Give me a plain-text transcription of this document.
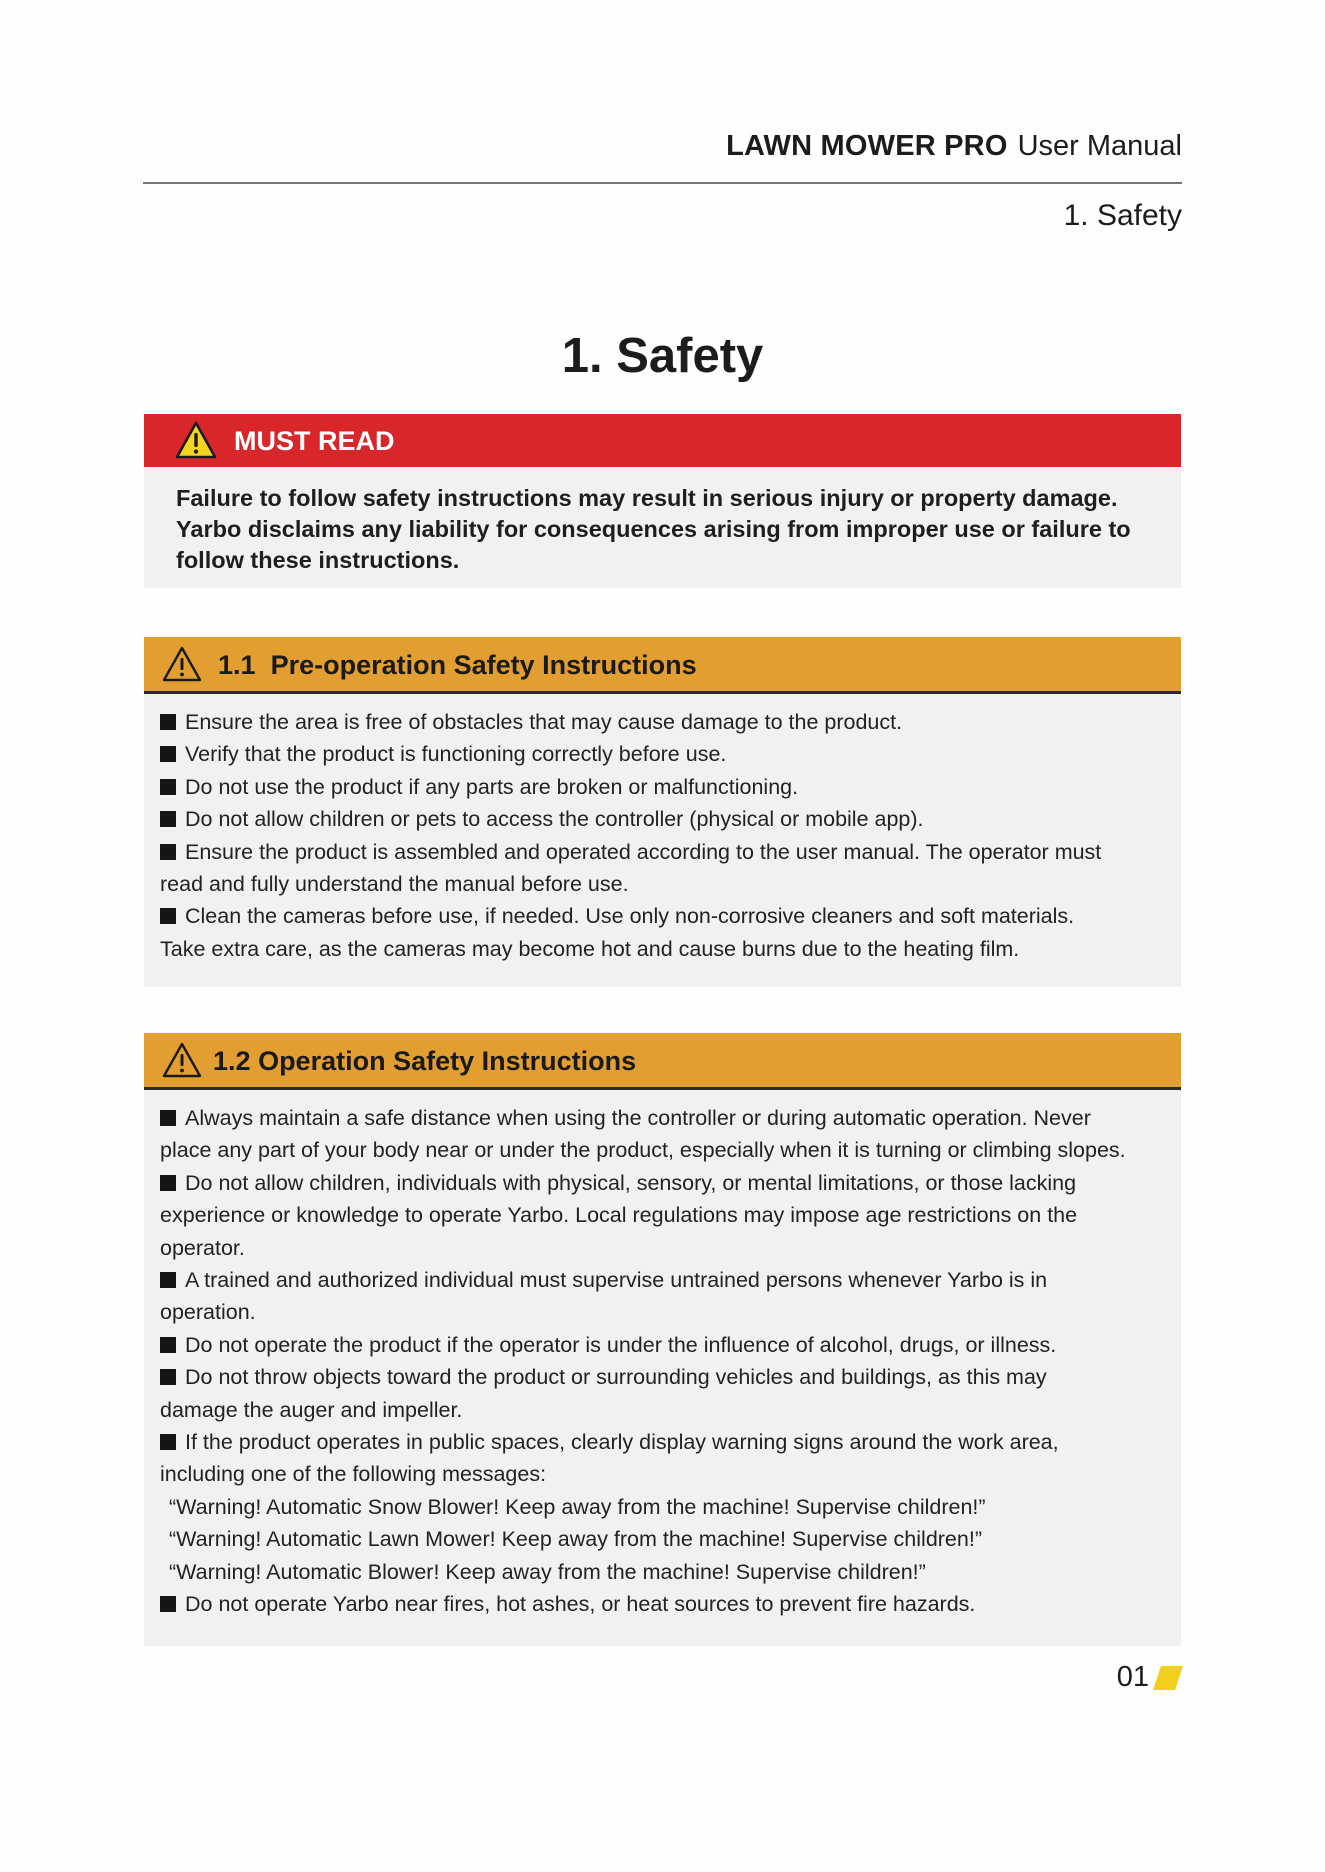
LAWN MOWER PRO User Manual
1. Safety
1. Safety
MUST READ
Failure to follow safety instructions may result in serious injury or property damage.
Yarbo disclaims any liability for consequences arising from improper use or failure to
follow these instructions.
1.1 Pre-operation Safety Instructions

Ensure the area is free of obstacles that may cause damage to the product.

Verify that the product is functioning correctly before use.

Do not use the product if any parts are broken or malfunctioning.

Do not allow children or pets to access the controller (physical or mobile app).

Ensure the product is assembled and operated according to the user manual. The operator must
read and fully understand the manual before use.

Clean the cameras before use, if needed. Use only non-corrosive cleaners and soft materials.
Take extra care, as the cameras may become hot and cause burns due to the heating film.

1.2 Operation Safety Instructions

Always maintain a safe distance when using the controller or during automatic operation. Never
place any part of your body near or under the product, especially when it is turning or climbing slopes.

Do not allow children, individuals with physical, sensory, or mental limitations, or those lacking
experience or knowledge to operate Yarbo. Local regulations may impose age restrictions on the
operator.

A trained and authorized individual must supervise untrained persons whenever Yarbo is in
operation.

Do not operate the product if the operator is under the influence of alcohol, drugs, or illness.

Do not throw objects toward the product or surrounding vehicles and buildings, as this may
damage the auger and impeller.

If the product operates in public spaces, clearly display warning signs around the work area,
including one of the following messages:

“Warning! Automatic Snow Blower! Keep away from the machine! Supervise children!”

“Warning! Automatic Lawn Mower! Keep away from the machine! Supervise children!”

“Warning! Automatic Blower! Keep away from the machine! Supervise children!”

Do not operate Yarbo near fires, hot ashes, or heat sources to prevent fire hazards.

01
